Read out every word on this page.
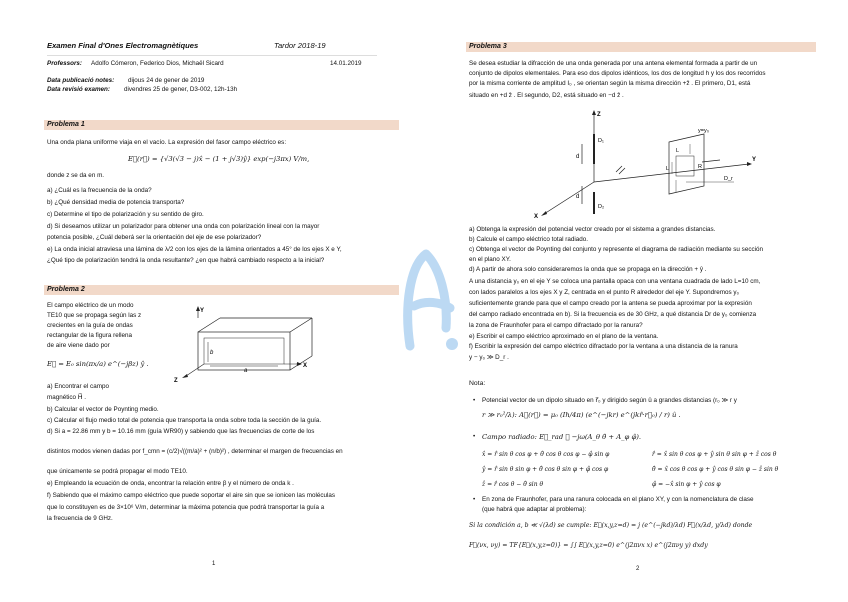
Examen Final d'Ones Electromagnètiques	Tardor 2018-19
Professors: Adolfo Cómeron, Federico Dios, Michaël Sicard	14.01.2019
Data publicació notes: dijous 24 de gener de 2019
Data revisió examen: divendres 25 de gener, D3-002, 12h-13h
Problema 1
Una onda plana uniforme viaja en el vacío. La expresión del fasor campo eléctrico es:
E⃗(r⃗) = {√3(√3 − j)x̂ − (1 + j√3)ŷ} exp(−j3πx) V/m,
donde z se da en m.
a) ¿Cuál es la frecuencia de la onda?
b) ¿Qué densidad media de potencia transporta?
c) Determine el tipo de polarización y su sentido de giro.
d) Si deseamos utilizar un polarizador para obtener una onda con polarización lineal con la mayor
potencia posible, ¿Cuál deberá ser la orientación del eje de ese polarizador?
e) La onda inicial atraviesa una lámina de λ/2 con los ejes de la lámina orientados a 45° de los ejes X e Y,
¿Qué tipo de polarización tendrá la onda resultante? ¿en que habrá cambiado respecto a la inicial?
Problema 2
El campo eléctrico de un modo
TE10 que se propaga según las z
crecientes en la guía de ondas
rectangular de la figura rellena
de aire viene dado por
E⃗ = E₀ sin(πx/a) e^(−jβz) ŷ .
Y
X
Z
b
a
a) Encontrar el campo
magnético H⃗ .
b) Calcular el vector de Poynting medio.
c) Calcular el flujo medio total de potencia que transporta la onda sobre toda la sección de la guía.
d) Si a = 22.86 mm y b = 10.16 mm (guía WR90) y sabiendo que las frecuencias de corte de los
distintos modos vienen dadas por f_cmn = (c/2)√((m/a)² + (n/b)²) , determinar el margen de frecuencias en
que únicamente se podrá propagar el modo TE10.
e) Empleando la ecuación de onda, encontrar la relación entre β y el número de onda k .
f) Sabiendo que el máximo campo eléctrico que puede soportar el aire sin que se ionicen las moléculas
que lo constituyen es de 3×10⁶ V/m, determinar la máxima potencia que podrá transportar la guía a
la frecuencia de 9 GHz.
1
Problema 3
Se desea estudiar la difracción de una onda generada por una antena elemental formada a partir de un
conjunto de dipolos elementales. Para eso dos dipolos idénticos, los dos de longitud h y los dos recorridos
por la misma corriente de amplitud I₀ , se orientan según la misma dirección +ẑ . El primero, D1, está
situado en +d ẑ . El segundo, D2, está situado en −d ẑ .
Z
Y
X
d
d
D₁
D₂
y=y₀
L
L	R
D_r
a) Obtenga la expresión del potencial vector creado por el sistema a grandes distancias.
b) Calcule el campo eléctrico total radiado.
c) Obtenga el vector de Poynting del conjunto y represente el diagrama de radiación mediante su sección
en el plano XY.
d) A partir de ahora solo consideraremos la onda que se propaga en la dirección + ŷ .
A una distancia y₀ en el eje Y se coloca una pantalla opaca con una ventana cuadrada de lado L=10 cm,
con lados paralelos a los ejes X y Z, centrada en el punto R alrededor del eje Y. Supondremos y₀
suficientemente grande para que el campo creado por la antena se pueda aproximar por la expresión
del campo radiado encontrada en b). Si la frecuencia es de 30 GHz, a qué distancia Dr de y₀ comienza
la zona de Fraunhofer para el campo difractado por la ranura?
e) Escribir el campo eléctrico aproximado en el plano de la ventana.
f) Escribir la expresión del campo eléctrico difractado por la ventana a una distancia de la ranura
y − y₀ ≫ D_r .
Nota:
• Potencial vector de un dipolo situado en r⃗₀ y dirigido según û a grandes distancias (r₀ ≫ r y
r ≫ r₀²/λ): A⃗(r⃗) = μ₀ (Ih/4π) (e^(−jkr) e^(jkr̂·r⃗₀) / r) û .
• Campo radiado: E⃗_rad ≅ −jω(A_θ θ̂ + A_φ φ̂).
x̂ = r̂ sin θ cos φ + θ̂ cos θ cos φ − φ̂ sin φ
ŷ = r̂ sin θ sin φ + θ̂ cos θ sin φ + φ̂ cos φ
ẑ = r̂ cos θ − θ̂ sin θ
r̂ = x̂ sin θ cos φ + ŷ sin θ sin φ + ẑ cos θ
θ̂ = x̂ cos θ cos φ + ŷ cos θ sin φ − ẑ sin θ
φ̂ = −x̂ sin φ + ŷ cos φ
• En zona de Fraunhofer, para una ranura colocada en el plano XY, y con la nomenclatura de clase
(que habrá que adaptar al problema):
Si la condición a, b ≪ √(λd) se cumple: E⃗(x,y,z=d) = j (e^(−jkd)/λd) F⃗(x/λd, y/λd) donde
F⃗(νx, νy) = TF{E⃗(x,y,z=0)} = ∫∫ E⃗(x,y,z=0) e^(j2πνx x) e^(j2πνy y) dxdy
2
